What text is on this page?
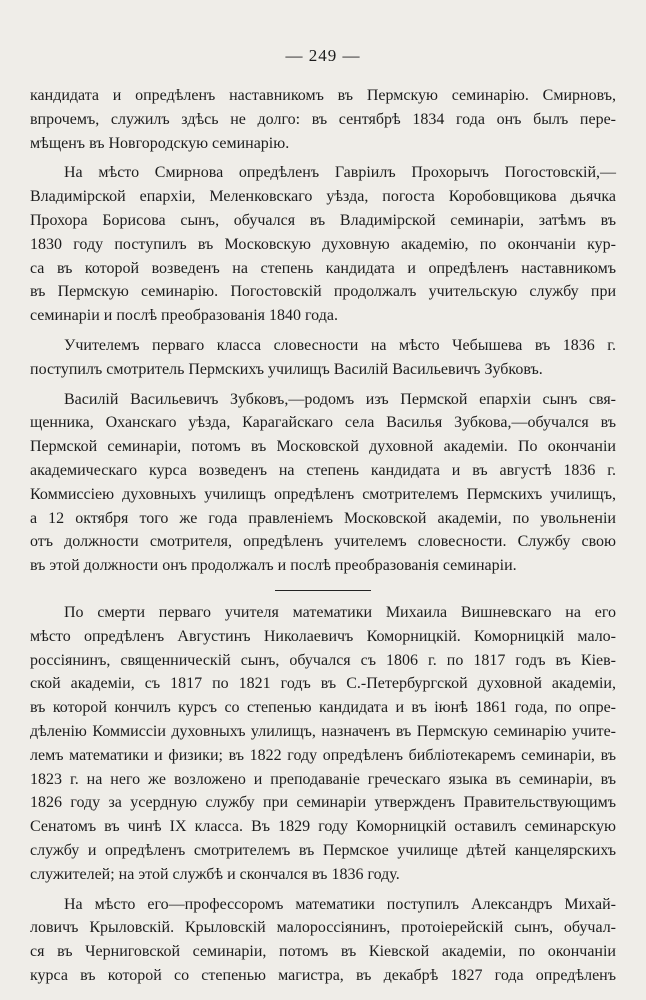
— 249 —

кандидата и опредѣленъ наставникомъ въ Пермскую семинарію. Смирновъ,
впрочемъ, служилъ здѣсь не долго: въ сентябрѣ 1834 года онъ былъ пере-
мѣщенъ въ Новгородскую семинарію.

На мѣсто Смирнова опредѣленъ Гавріилъ Прохорычъ Погостовскій,—
Владимірской епархіи, Меленковскаго уѣзда, погоста Коробовщикова дьячка
Прохора Борисова сынъ, обучался въ Владимірской семинаріи, затѣмъ въ
1830 году поступилъ въ Московскую духовную академію, по окончаніи кур-
са въ которой возведенъ на степень кандидата и опредѣленъ наставникомъ
въ Пермскую семинарію. Погостовскій продолжалъ учительскую службу при
семинаріи и послѣ преобразованія 1840 года.

Учителемъ перваго класса словесности на мѣсто Чебышева въ 1836 г.
поступилъ смотритель Пермскихъ училищъ Василій Васильевичъ Зубковъ.

Василій Васильевичъ Зубковъ,—родомъ изъ Пермской епархіи сынъ свя-
щенника, Оханскаго уѣзда, Карагайскаго села Василья Зубкова,—обучался въ
Пермской семинаріи, потомъ въ Московской духовной академіи. По окончаніи
академическаго курса возведенъ на степень кандидата и въ августѣ 1836 г.
Коммиссіею духовныхъ училищъ опредѣленъ смотрителемъ Пермскихъ училищъ,
а 12 октября того же года правленіемъ Московской академіи, по увольненіи
отъ должности смотрителя, опредѣленъ учителемъ словесности. Службу свою
въ этой должности онъ продолжалъ и послѣ преобразованія семинаріи.

По смерти перваго учителя математики Михаила Вишневскаго на его
мѣсто опредѣленъ Августинъ Николаевичъ Коморницкій. Коморницкій мало-
россіянинъ, священническій сынъ, обучался съ 1806 г. по 1817 годъ въ Кіев-
ской академіи, съ 1817 по 1821 годъ въ С.-Петербургской духовной академіи,
въ которой кончилъ курсъ со степенью кандидата и въ іюнѣ 1861 года, по опре-
дѣленію Коммиссіи духовныхъ улилищъ, назначенъ въ Пермскую семинарію учите-
лемъ математики и физики; въ 1822 году опредѣленъ библіотекаремъ семинаріи, въ
1823 г. на него же возложено и преподаваніе греческаго языка въ семинаріи, въ
1826 году за усердную службу при семинаріи утвержденъ Правительствующимъ
Сенатомъ въ чинѣ IX класса. Въ 1829 году Коморницкій оставилъ семинарскую
службу и опредѣленъ смотрителемъ въ Пермское училище дѣтей канцелярскихъ
служителей; на этой службѣ и скончался въ 1836 году.

На мѣсто его—профессоромъ математики поступилъ Александръ Михай-
ловичъ Крыловскій. Крыловскій малороссіянинъ, протоіерейскій сынъ, обучал-
ся въ Черниговской семинаріи, потомъ въ Кіевской академіи, по окончаніи
курса въ которой со степенью магистра, въ декабрѣ 1827 года опредѣленъ
